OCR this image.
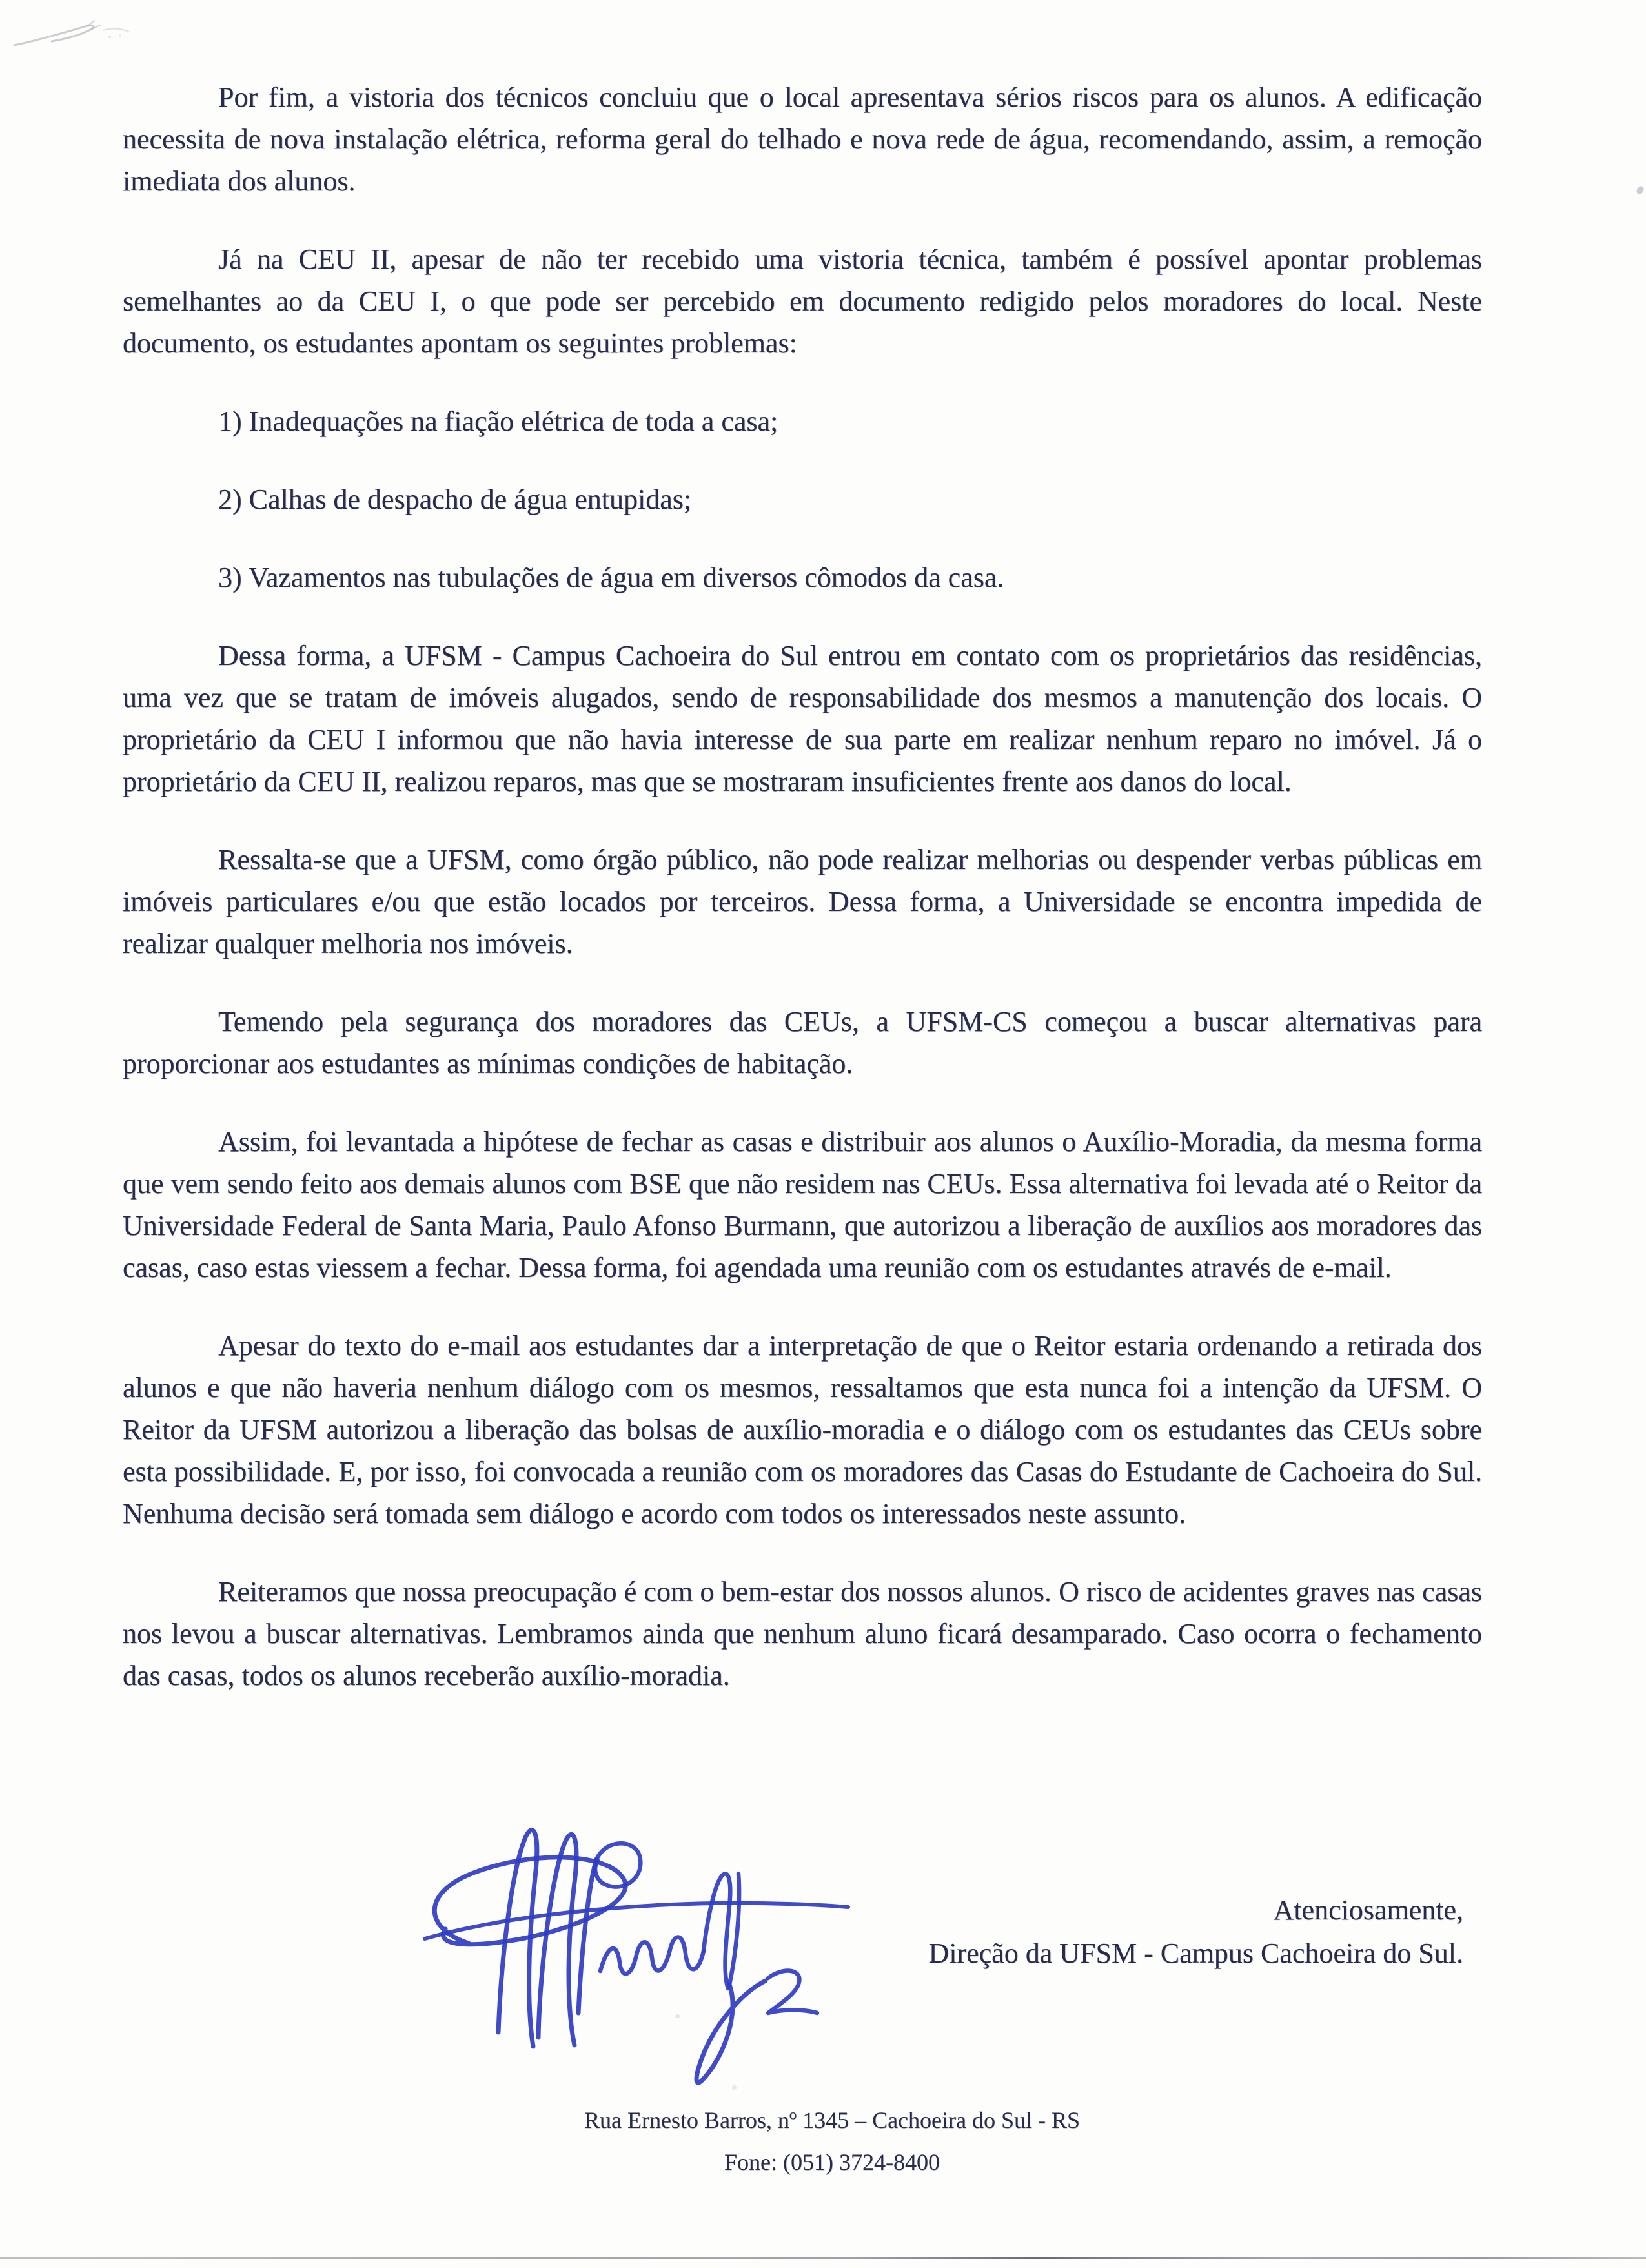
Por fim, a vistoria dos técnicos concluiu que o local apresentava sérios riscos para os alunos. A edificação necessita de nova instalação elétrica, reforma geral do telhado e nova rede de água, recomendando, assim, a remoção imediata dos alunos.

Já na CEU II, apesar de não ter recebido uma vistoria técnica, também é possível apontar problemas semelhantes ao da CEU I, o que pode ser percebido em documento redigido pelos moradores do local. Neste documento, os estudantes apontam os seguintes problemas:

1) Inadequações na fiação elétrica de toda a casa;

2) Calhas de despacho de água entupidas;

3) Vazamentos nas tubulações de água em diversos cômodos da casa.

Dessa forma, a UFSM - Campus Cachoeira do Sul entrou em contato com os proprietários das residências, uma vez que se tratam de imóveis alugados, sendo de responsabilidade dos mesmos a manutenção dos locais. O proprietário da CEU I informou que não havia interesse de sua parte em realizar nenhum reparo no imóvel. Já o proprietário da CEU II, realizou reparos, mas que se mostraram insuficientes frente aos danos do local.

Ressalta-se que a UFSM, como órgão público, não pode realizar melhorias ou despender verbas públicas em imóveis particulares e/ou que estão locados por terceiros. Dessa forma, a Universidade se encontra impedida de realizar qualquer melhoria nos imóveis.

Temendo pela segurança dos moradores das CEUs, a UFSM-CS começou a buscar alternativas para proporcionar aos estudantes as mínimas condições de habitação.

Assim, foi levantada a hipótese de fechar as casas e distribuir aos alunos o Auxílio-Moradia, da mesma forma que vem sendo feito aos demais alunos com BSE que não residem nas CEUs. Essa alternativa foi levada até o Reitor da Universidade Federal de Santa Maria, Paulo Afonso Burmann, que autorizou a liberação de auxílios aos moradores das casas, caso estas viessem a fechar. Dessa forma, foi agendada uma reunião com os estudantes através de e-mail.

Apesar do texto do e-mail aos estudantes dar a interpretação de que o Reitor estaria ordenando a retirada dos alunos e que não haveria nenhum diálogo com os mesmos, ressaltamos que esta nunca foi a intenção da UFSM. O Reitor da UFSM autorizou a liberação das bolsas de auxílio-moradia e o diálogo com os estudantes das CEUs sobre esta possibilidade. E, por isso, foi convocada a reunião com os moradores das Casas do Estudante de Cachoeira do Sul. Nenhuma decisão será tomada sem diálogo e acordo com todos os interessados neste assunto.

Reiteramos que nossa preocupação é com o bem-estar dos nossos alunos. O risco de acidentes graves nas casas nos levou a buscar alternativas. Lembramos ainda que nenhum aluno ficará desamparado. Caso ocorra o fechamento das casas, todos os alunos receberão auxílio-moradia.

Atenciosamente,
Direção da UFSM - Campus Cachoeira do Sul.
Rua Ernesto Barros, nº 1345 – Cachoeira do Sul - RS
Fone: (051) 3724-8400
